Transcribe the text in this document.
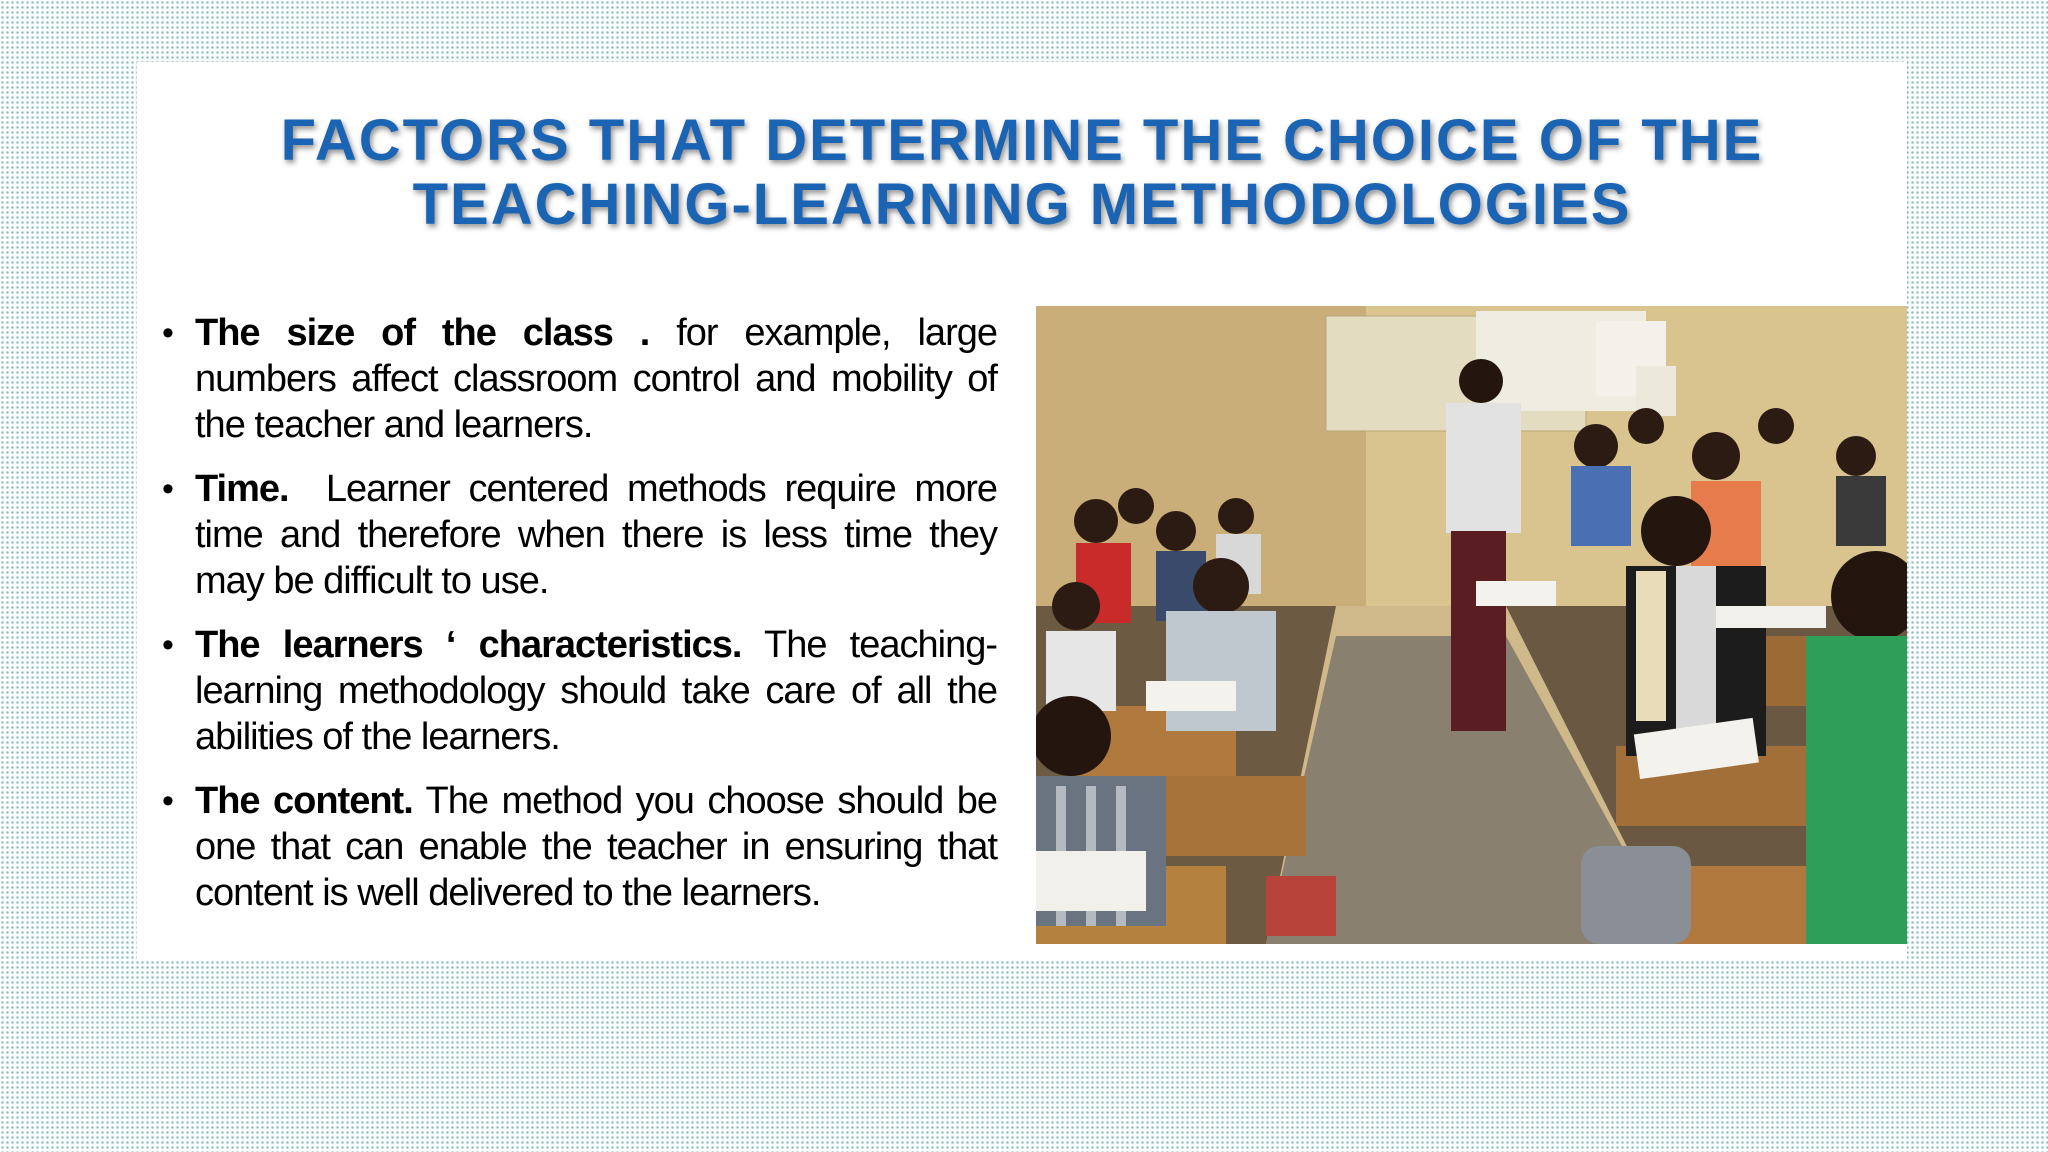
FACTORS THAT DETERMINE THE CHOICE OF THE
TEACHING-LEARNING METHODOLOGIES
• The size of the class . for example, large numbers affect classroom control and mobility of the teacher and learners.
• Time.  Learner centered methods require more time and therefore when there is less time they may be difficult to use.
• The learners ‘ characteristics. The teaching-learning methodology should take care of all the abilities of the learners.
• The content. The method you choose should be one that can enable the teacher in ensuring that content is well delivered to the learners.
